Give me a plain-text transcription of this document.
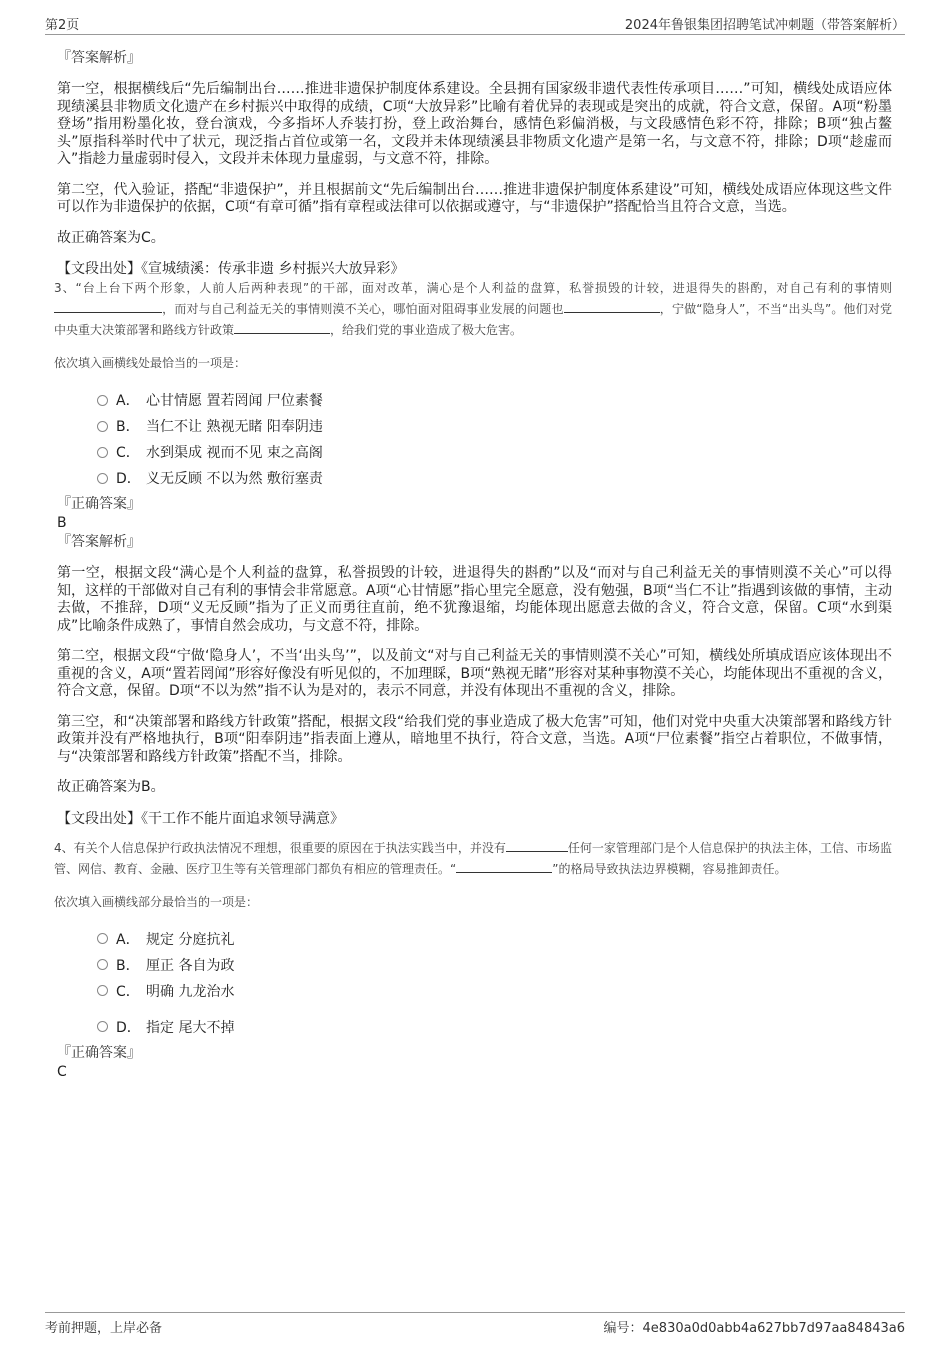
第2页	2024年鲁银集团招聘笔试冲刺题（带答案解析）
『答案解析』

第一空，根据横线后“先后编制出台……推进非遗保护制度体系建设。全县拥有国家级非遗代表性传承项目……”可知，横线处成语应体现绩溪县非物质文化遗产在乡村振兴中取得的成绩，C项“大放异彩”比喻有着优异的表现或是突出的成就，符合文意，保留。A项“粉墨登场”指用粉墨化妆，登台演戏，今多指坏人乔装打扮，登上政治舞台，感情色彩偏消极，与文段感情色彩不符，排除；B项“独占鳌头”原指科举时代中了状元，现泛指占首位或第一名，文段并未体现绩溪县非物质文化遗产是第一名，与文意不符，排除；D项“趁虚而入”指趁力量虚弱时侵入，文段并未体现力量虚弱，与文意不符，排除。

第二空，代入验证，搭配“非遗保护”，并且根据前文“先后编制出台……推进非遗保护制度体系建设”可知，横线处成语应体现这些文件可以作为非遗保护的依据，C项“有章可循”指有章程或法律可以依据或遵守，与“非遗保护”搭配恰当且符合文意，当选。

故正确答案为C。

【文段出处】《宣城绩溪：传承非遗 乡村振兴大放异彩》

3、“台上台下两个形象，人前人后两种表现”的干部，面对改革，满心是个人利益的盘算，私誉损毁的计较，进退得失的斟酌，对自己有利的事情则，而对与自己利益无关的事情则漠不关心，哪怕面对阻碍事业发展的问题也	，宁做“隐身人”，不当“出头鸟”。他们对党中央重大决策部署和路线方针政策	，给我们党的事业造成了极大危害。

依次填入画横线处最恰当的一项是：

A． 心甘情愿 置若罔闻 尸位素餐
B． 当仁不让 熟视无睹 阳奉阴违
C． 水到渠成 视而不见 束之高阁
D． 义无反顾 不以为然 敷衍塞责
『正确答案』
B
『答案解析』

第一空，根据文段“满心是个人利益的盘算，私誉损毁的计较，进退得失的斟酌”以及“而对与自己利益无关的事情则漠不关心”可以得知，这样的干部做对自己有利的事情会非常愿意。A项“心甘情愿”指心里完全愿意，没有勉强，B项“当仁不让”指遇到该做的事情，主动去做，不推辞，D项“义无反顾”指为了正义而勇往直前，绝不犹豫退缩，均能体现出愿意去做的含义，符合文意，保留。C项“水到渠成”比喻条件成熟了，事情自然会成功，与文意不符，排除。

第二空，根据文段“宁做‘隐身人’，不当‘出头鸟’”，以及前文“对与自己利益无关的事情则漠不关心”可知，横线处所填成语应该体现出不重视的含义，A项“置若罔闻”形容好像没有听见似的，不加理睬，B项“熟视无睹”形容对某种事物漠不关心，均能体现出不重视的含义，符合文意，保留。D项“不以为然”指不认为是对的，表示不同意，并没有体现出不重视的含义，排除。

第三空，和“决策部署和路线方针政策”搭配，根据文段“给我们党的事业造成了极大危害”可知，他们对党中央重大决策部署和路线方针政策并没有严格地执行，B项“阳奉阴违”指表面上遵从，暗地里不执行，符合文意，当选。A项“尸位素餐”指空占着职位，不做事情，与“决策部署和路线方针政策”搭配不当，排除。

故正确答案为B。

【文段出处】《干工作不能片面追求领导满意》

4、有关个人信息保护行政执法情况不理想，很重要的原因在于执法实践当中，并没有	任何一家管理部门是个人信息保护的执法主体，工信、市场监管、网信、教育、金融、医疗卫生等有关管理部门都负有相应的管理责任。“	”的格局导致执法边界模糊，容易推卸责任。

依次填入画横线部分最恰当的一项是：

A． 规定 分庭抗礼
B． 厘正 各自为政
C． 明确 九龙治水
D． 指定 尾大不掉
『正确答案』
C
考前押题，上岸必备	编号：4e830a0d0abb4a627bb7d97aa84843a6
